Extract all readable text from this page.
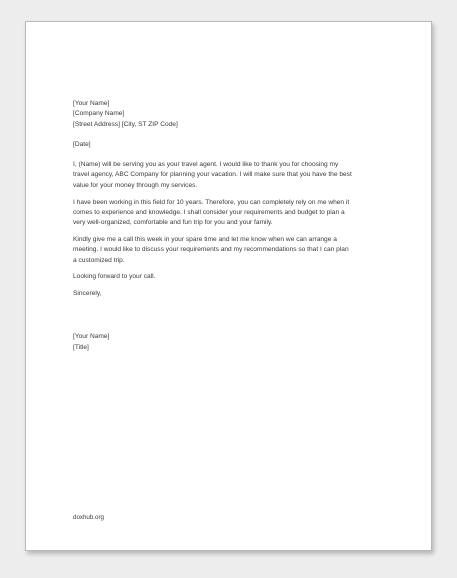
[Your Name]
[Company Name]
[Street Address] [City, ST ZIP Code]
[Date]
I, (Name) will be serving you as your travel agent. I would like to thank you for choosing my
travel agency, ABC Company for planning your vacation. I will make sure that you have the best
value for your money through my services.
I have been working in this field for 10 years. Therefore, you can completely rely on me when it
comes to experience and knowledge. I shall consider your requirements and budget to plan a
very well-organized, comfortable and fun trip for you and your family.
Kindly give me a call this week in your spare time and let me know when we can arrange a
meeting. I would like to discuss your requirements and my recommendations so that I can plan
a customized trip.
Looking forward to your call.
Sincerely,
[Your Name]
[Title]
doxhub.org
